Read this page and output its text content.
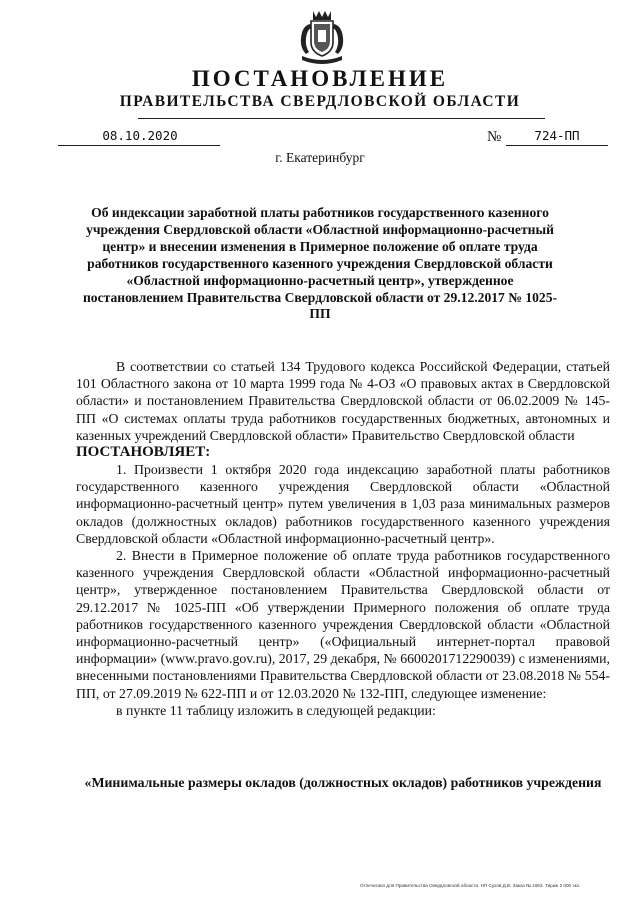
ПОСТАНОВЛЕНИЕ
ПРАВИТЕЛЬСТВА СВЕРДЛОВСКОЙ ОБЛАСТИ
08.10.2020	№	724-ПП
г. Екатеринбург
Об индексации заработной платы работников государственного казенного учреждения Свердловской области «Областной информационно-расчетный центр» и внесении изменения в Примерное положение об оплате труда работников государственного казенного учреждения Свердловской области «Областной информационно-расчетный центр», утвержденное постановлением Правительства Свердловской области от 29.12.2017 № 1025-ПП

В соответствии со статьей 134 Трудового кодекса Российской Федерации, статьей 101 Областного закона от 10 марта 1999 года № 4-ОЗ «О правовых актах в Свердловской области» и постановлением Правительства Свердловской области от 06.02.2009 № 145-ПП «О системах оплаты труда работников государственных бюджетных, автономных и казенных учреждений Свердловской области» Правительство Свердловской области

ПОСТАНОВЛЯЕТ:

1. Произвести 1 октября 2020 года индексацию заработной платы работников государственного казенного учреждения Свердловской области «Областной информационно-расчетный центр» путем увеличения в 1,03 раза минимальных размеров окладов (должностных окладов) работников государственного казенного учреждения Свердловской области «Областной информационно-расчетный центр».

2. Внести в Примерное положение об оплате труда работников государственного казенного учреждения Свердловской области «Областной информационно-расчетный центр», утвержденное постановлением Правительства Свердловской области от 29.12.2017 № 1025-ПП «Об утверждении Примерного положения об оплате труда работников государственного казенного учреждения Свердловской области «Областной информационно-расчетный центр» («Официальный интернет-портал правовой информации» (www.pravo.gov.ru), 2017, 29 декабря, № 6600201712290039) с изменениями, внесенными постановлениями Правительства Свердловской области от 23.08.2018 № 554-ПП, от 27.09.2019 № 622-ПП и от 12.03.2020 № 132-ПП, следующее изменение:

в пункте 11 таблицу изложить в следующей редакции:

«Минимальные размеры окладов (должностных окладов) работников учреждения
Отпечатано для Правительства Свердловской области. НП Сухов Д.В. Заказ № 1063. Тираж 2 000 экз.
